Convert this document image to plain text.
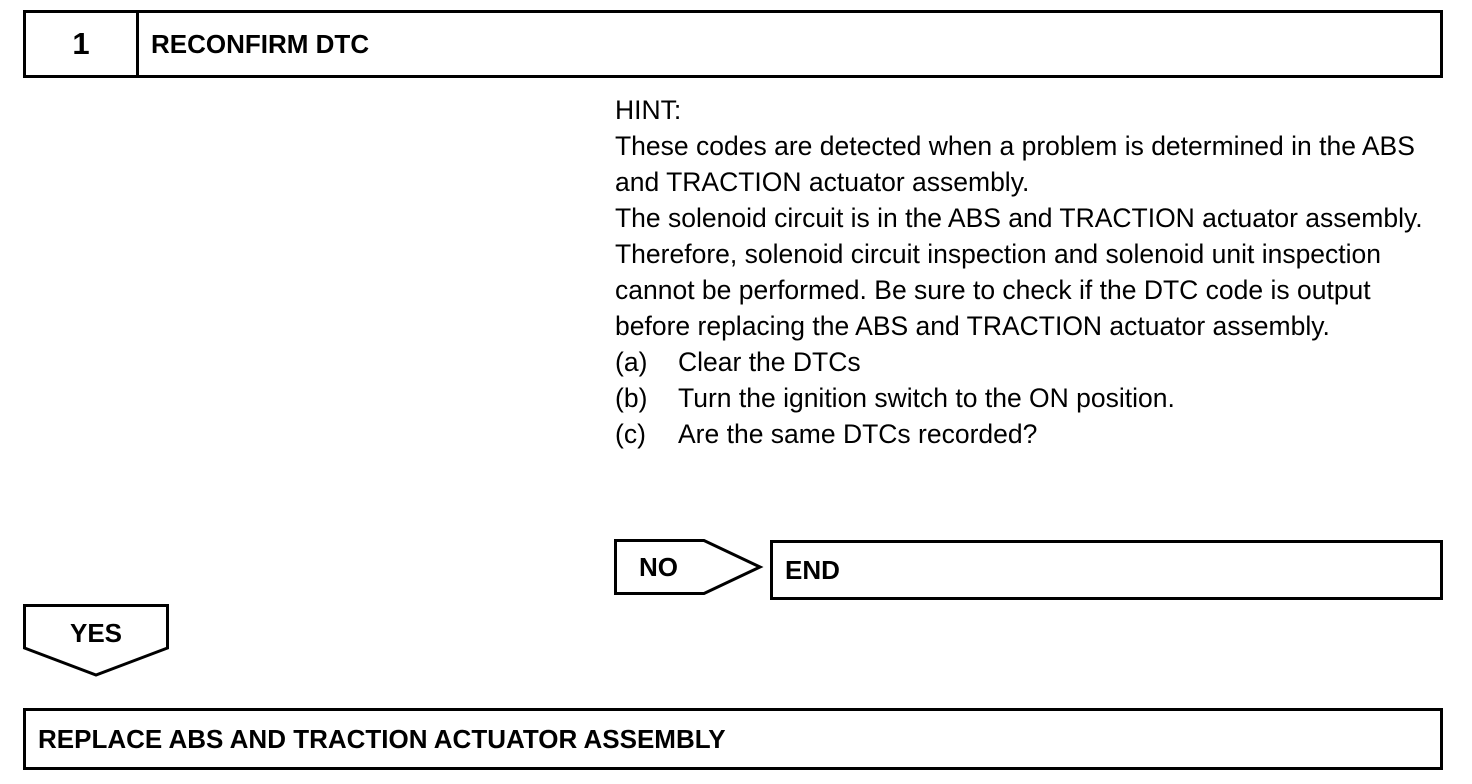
1	RECONFIRM DTC

HINT:

These codes are detected when a problem is determined in the ABS and TRACTION actuator assembly.

The solenoid circuit is in the ABS and TRACTION actuator assembly.

Therefore, solenoid circuit inspection and solenoid unit inspection cannot be performed. Be sure to check if the DTC code is output before replacing the ABS and TRACTION actuator assembly.

(a)	Clear the DTCs
(b)	Turn the ignition switch to the ON position.
(c)	Are the same DTCs recorded?
NO	END
YES
REPLACE ABS AND TRACTION ACTUATOR ASSEMBLY
